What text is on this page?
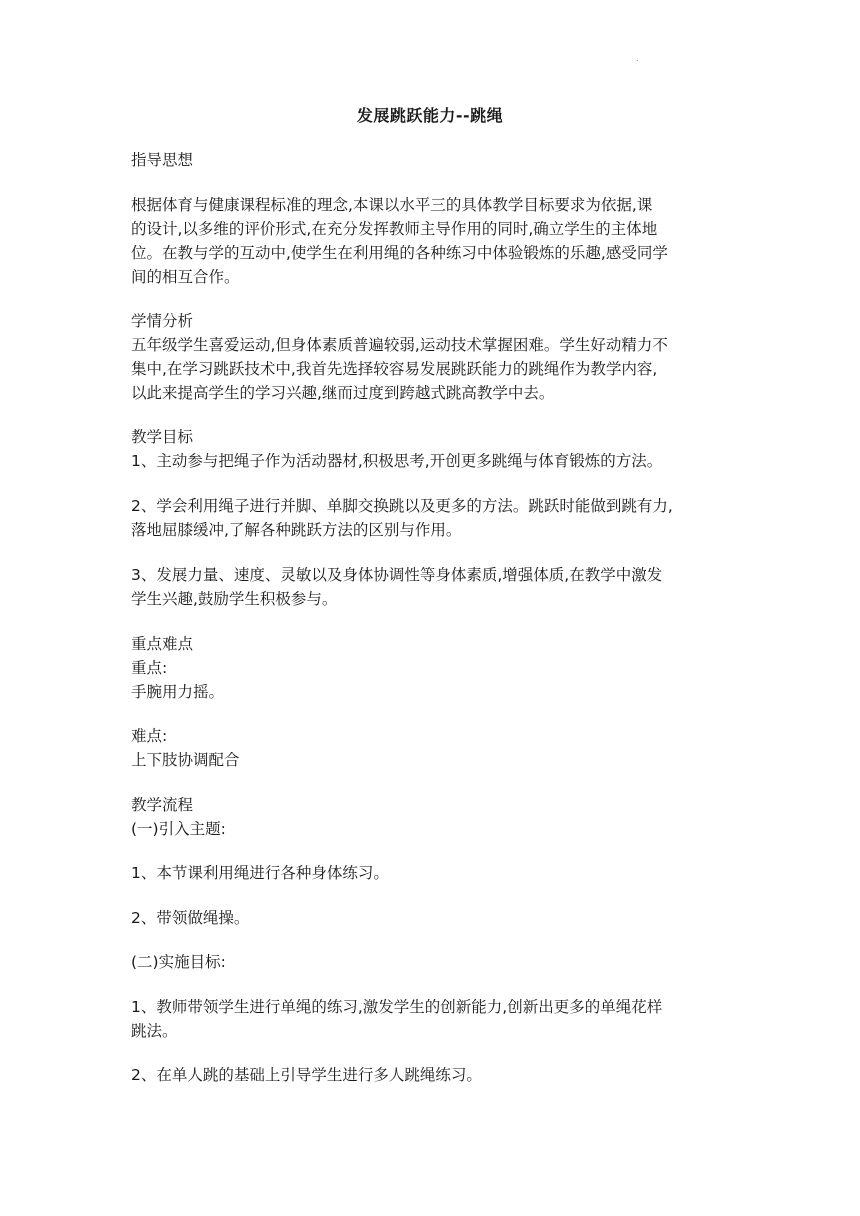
.
发展跳跃能力--跳绳
指导思想
根据体育与健康课程标准的理念,本课以水平三的具体教学目标要求为依据,课
的设计,以多维的评价形式,在充分发挥教师主导作用的同时,确立学生的主体地
位。在教与学的互动中,使学生在利用绳的各种练习中体验锻炼的乐趣,感受同学
间的相互合作。
学情分析
五年级学生喜爱运动,但身体素质普遍较弱,运动技术掌握困难。学生好动精力不
集中,在学习跳跃技术中,我首先选择较容易发展跳跃能力的跳绳作为教学内容,
以此来提高学生的学习兴趣,继而过度到跨越式跳高教学中去。
教学目标
1、主动参与把绳子作为活动器材,积极思考,开创更多跳绳与体育锻炼的方法。
2、学会利用绳子进行并脚、单脚交换跳以及更多的方法。跳跃时能做到跳有力,
落地屈膝缓冲,了解各种跳跃方法的区别与作用。
3、发展力量、速度、灵敏以及身体协调性等身体素质,增强体质,在教学中激发
学生兴趣,鼓励学生积极参与。
重点难点
重点:
手腕用力摇。
难点:
上下肢协调配合
教学流程
(一)引入主题:
1、本节课利用绳进行各种身体练习。
2、带领做绳操。
(二)实施目标:
1、教师带领学生进行单绳的练习,激发学生的创新能力,创新出更多的单绳花样
跳法。
2、在单人跳的基础上引导学生进行多人跳绳练习。
